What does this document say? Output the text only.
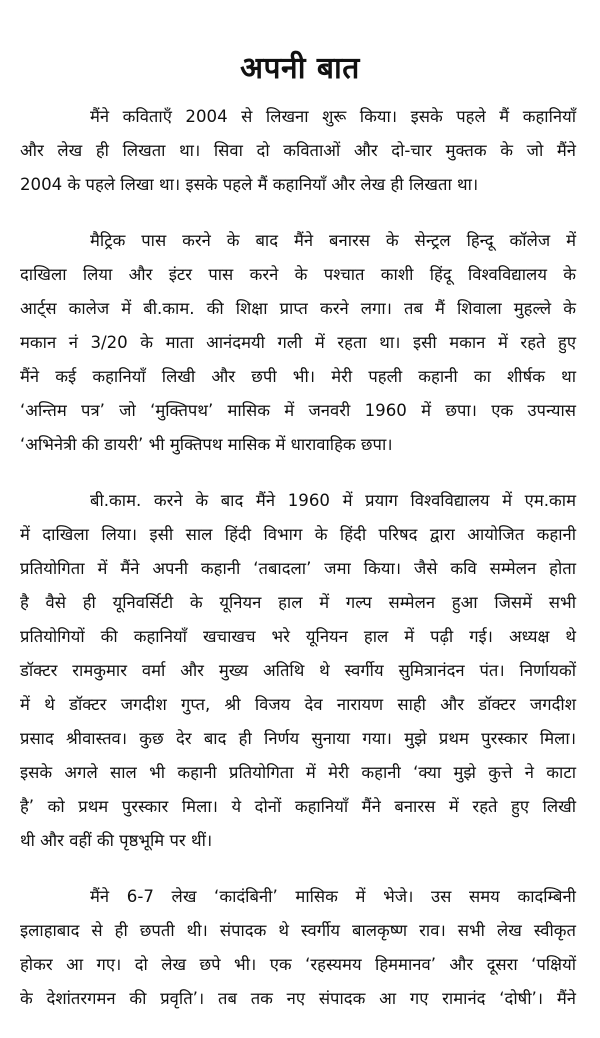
अपनी बात

मैंने कविताएँ 2004 से लिखना शुरू किया। इसके पहले मैं कहानियाँ
और लेख ही लिखता था। सिवा दो कविताओं और दो-चार मुक्तक के जो मैंने
2004 के पहले लिखा था। इसके पहले मैं कहानियाँ और लेख ही लिखता था।

मैट्रिक पास करने के बाद मैंने बनारस के सेन्ट्रल हिन्दू कॉलेज में
दाखिला लिया और इंटर पास करने के पश्चात काशी हिंदू विश्वविद्यालय के
आर्ट्स कालेज में बी.काम. की शिक्षा प्राप्त करने लगा। तब मैं शिवाला मुहल्ले के
मकान नं 3/20 के माता आनंदमयी गली में रहता था। इसी मकान में रहते हुए
मैंने कई कहानियाँ लिखी और छपी भी। मेरी पहली कहानी का शीर्षक था
‘अन्तिम पत्र’ जो ‘मुक्तिपथ’ मासिक में जनवरी 1960 में छपा। एक उपन्यास
‘अभिनेत्री की डायरी’ भी मुक्तिपथ मासिक में धारावाहिक छपा।

बी.काम. करने के बाद मैंने 1960 में प्रयाग विश्वविद्यालय में एम.काम
में दाखिला लिया। इसी साल हिंदी विभाग के हिंदी परिषद द्वारा आयोजित कहानी
प्रतियोगिता में मैंने अपनी कहानी ‘तबादला’ जमा किया। जैसे कवि सम्मेलन होता
है वैसे ही यूनिवर्सिटी के यूनियन हाल में गल्प सम्मेलन हुआ जिसमें सभी
प्रतियोगियों की कहानियाँ खचाखच भरे यूनियन हाल में पढ़ी गई। अध्यक्ष थे
डॉक्टर रामकुमार वर्मा और मुख्य अतिथि थे स्वर्गीय सुमित्रानंदन पंत। निर्णायकों
में थे डॉक्टर जगदीश गुप्त, श्री विजय देव नारायण साही और डॉक्टर जगदीश
प्रसाद श्रीवास्तव। कुछ देर बाद ही निर्णय सुनाया गया। मुझे प्रथम पुरस्कार मिला।
इसके अगले साल भी कहानी प्रतियोगिता में मेरी कहानी ‘क्या मुझे कुत्ते ने काटा
है’ को प्रथम पुरस्कार मिला। ये दोनों कहानियाँ मैंने बनारस में रहते हुए लिखी
थी और वहीं की पृष्ठभूमि पर थीं।

मैंने 6-7 लेख ‘कादंबिनी’ मासिक में भेजे। उस समय कादम्बिनी
इलाहाबाद से ही छपती थी। संपादक थे स्वर्गीय बालकृष्ण राव। सभी लेख स्वीकृत
होकर आ गए। दो लेख छपे भी। एक ‘रहस्यमय हिममानव’ और दूसरा ‘पक्षियों
के देशांतरगमन की प्रवृति’। तब तक नए संपादक आ गए रामानंद ‘दोषी’। मैंने
